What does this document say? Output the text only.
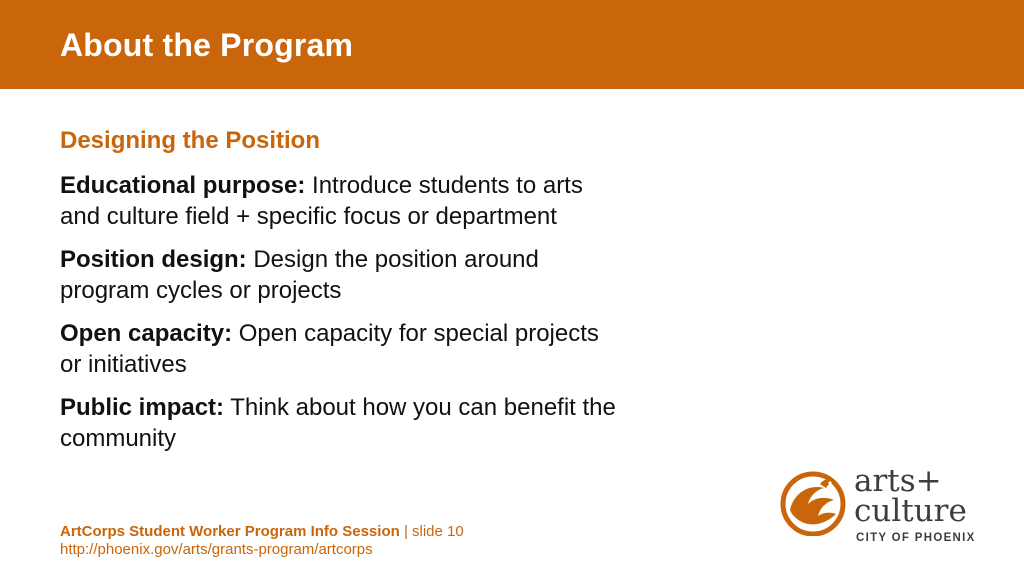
About the Program
Designing the Position
Educational purpose: Introduce students to arts and culture field + specific focus or department
Position design: Design the position around program cycles or projects
Open capacity: Open capacity for special projects or initiatives
Public impact: Think about how you can benefit the community
ArtCorps Student Worker Program Info Session | slide 10
http://phoenix.gov/arts/grants-program/artcorps
arts+
culture
CITY OF PHOENIX
